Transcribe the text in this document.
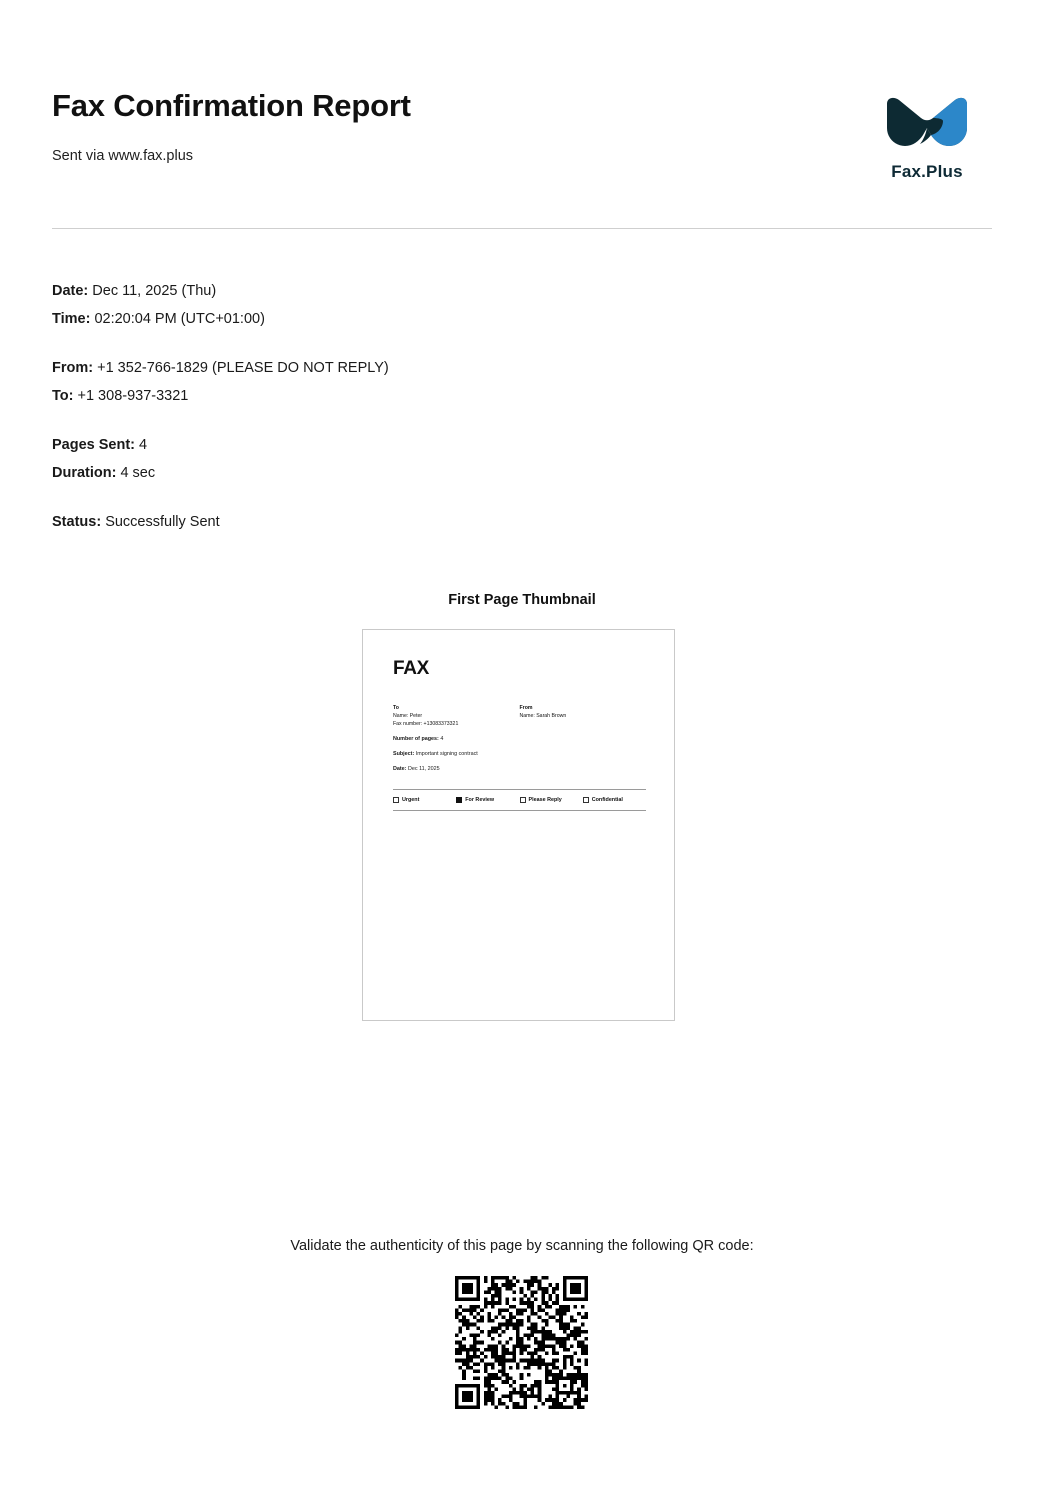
Fax Confirmation Report

Sent via www.fax.plus

Fax.Plus
Date: Dec 11, 2025 (Thu)
Time: 02:20:04 PM (UTC+01:00)
From: +1 352-766-1829 (PLEASE DO NOT REPLY)
To: +1 308-937-3321
Pages Sent: 4
Duration: 4 sec
Status: Successfully Sent
First Page Thumbnail
FAX
To
Name: Peter
Fax number: +13083373321
From
Name: Sarah Brown
Number of pages: 4
Subject: Important signing contract
Date: Dec 11, 2025
Urgent	For Review	Please Reply	Confidential
Validate the authenticity of this page by scanning the following QR code:
